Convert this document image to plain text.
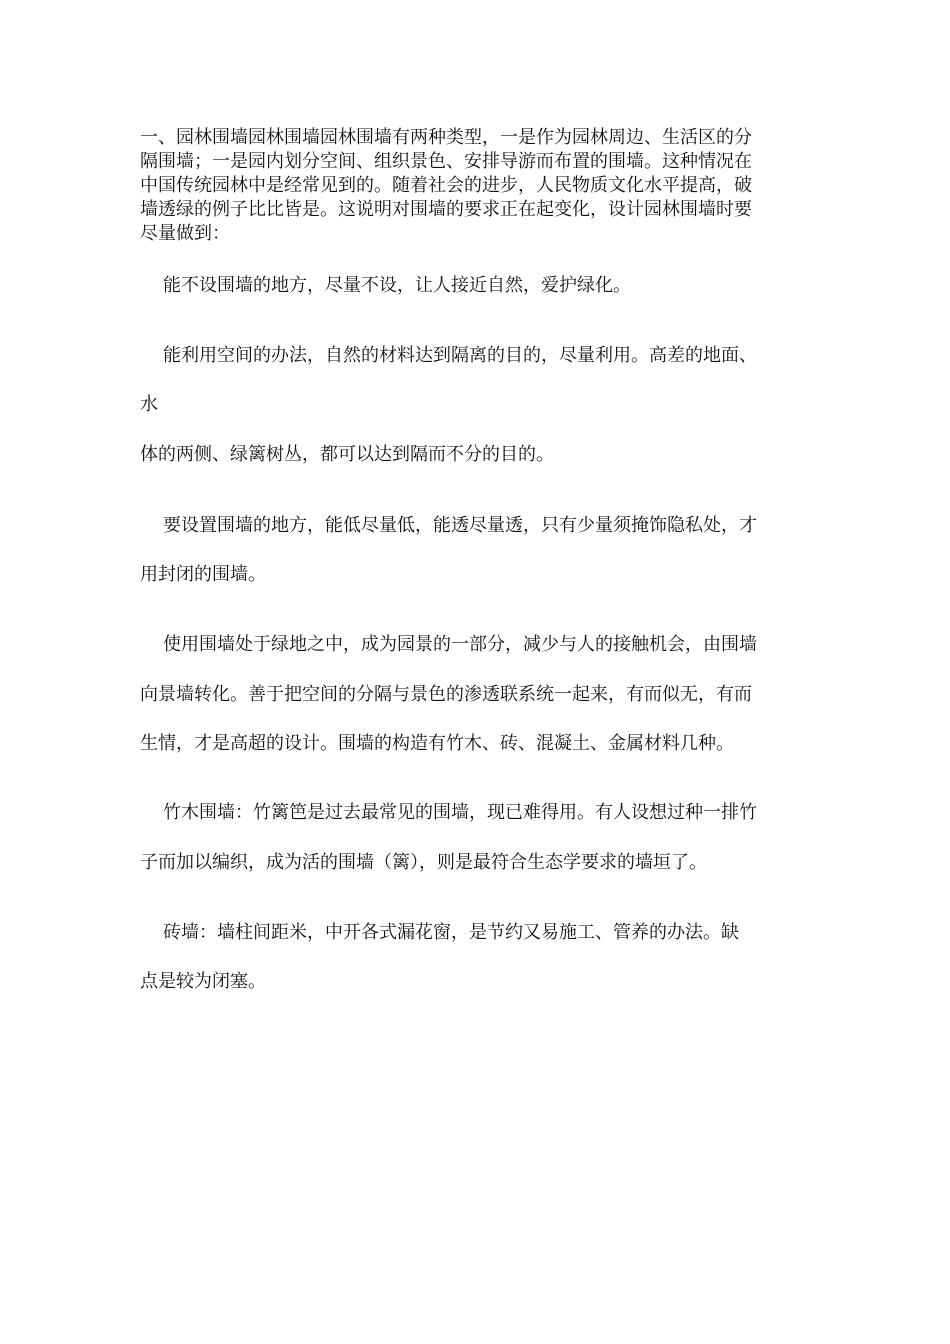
一、园林围墙园林围墙园林围墙有两种类型，一是作为园林周边、生活区的分

隔围墙；一是园内划分空间、组织景色、安排导游而布置的围墙。这种情况在

中国传统园林中是经常见到的。随着社会的进步，人民物质文化水平提高，破

墙透绿的例子比比皆是。这说明对围墙的要求正在起变化，设计园林围墙时要

尽量做到：

能不设围墙的地方，尽量不设，让人接近自然，爱护绿化。

能利用空间的办法，自然的材料达到隔离的目的，尽量利用。高差的地面、

水

体的两侧、绿篱树丛，都可以达到隔而不分的目的。

要设置围墙的地方，能低尽量低，能透尽量透，只有少量须掩饰隐私处，才

用封闭的围墙。

使用围墙处于绿地之中，成为园景的一部分，减少与人的接触机会，由围墙

向景墙转化。善于把空间的分隔与景色的渗透联系统一起来，有而似无，有而

生情，才是高超的设计。围墙的构造有竹木、砖、混凝土、金属材料几种。

竹木围墙：竹篱笆是过去最常见的围墙，现已难得用。有人设想过种一排竹

子而加以编织，成为活的围墙（篱），则是最符合生态学要求的墙垣了。

砖墙：墙柱间距米，中开各式漏花窗，是节约又易施工、管养的办法。缺

点是较为闭塞。
